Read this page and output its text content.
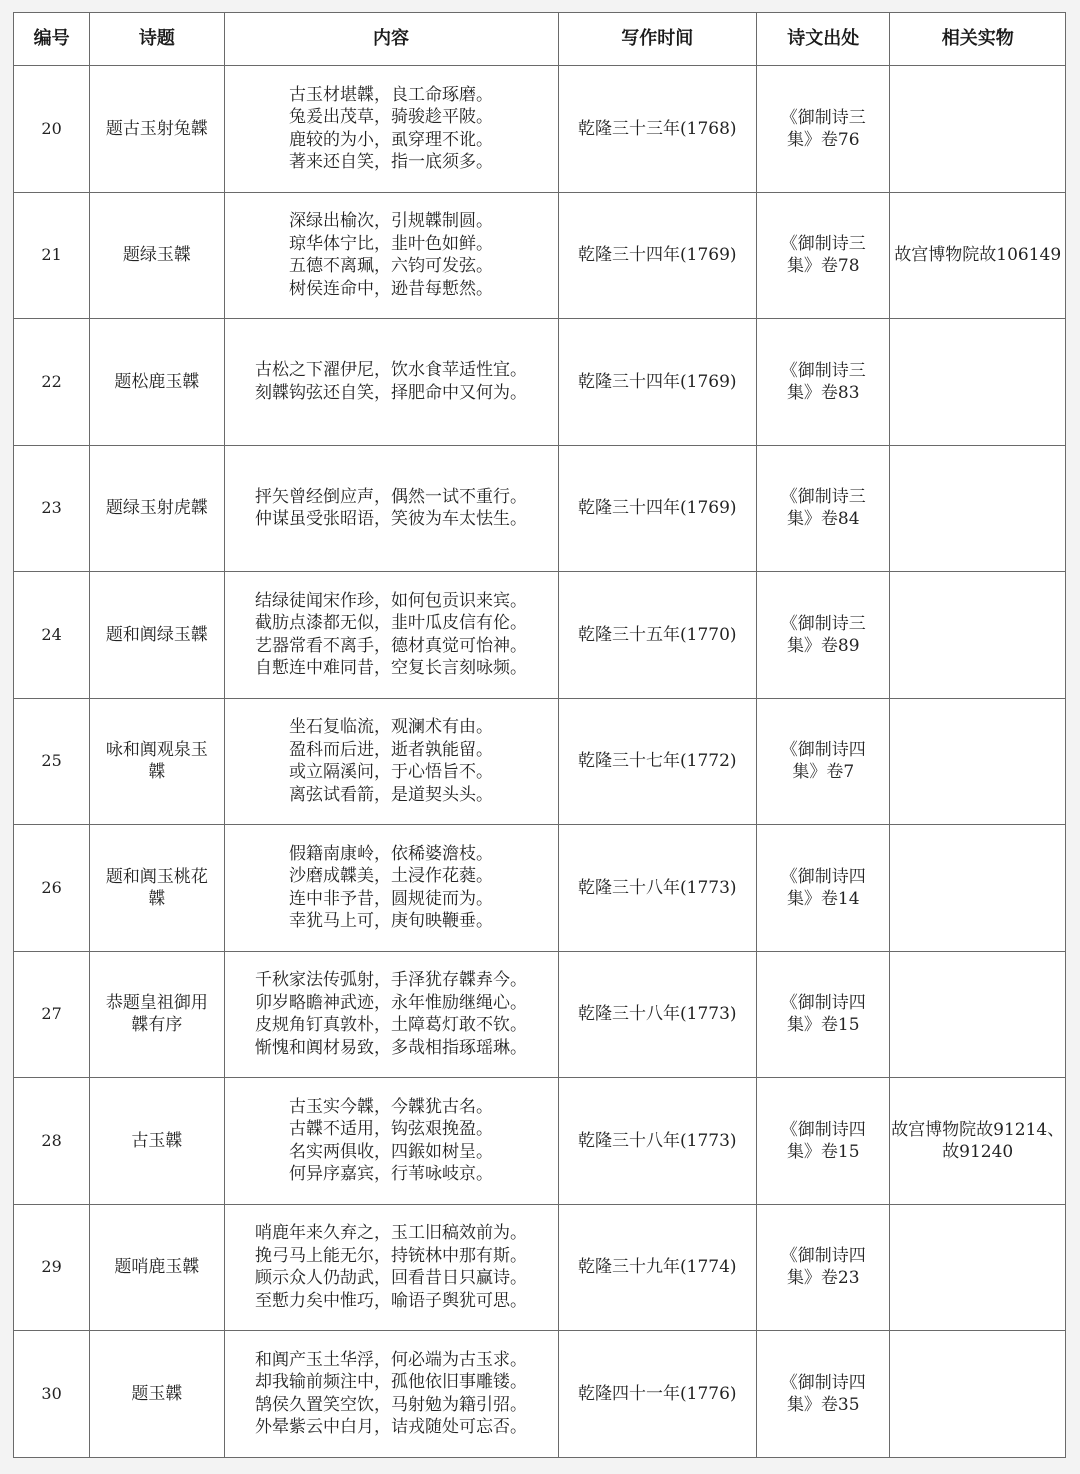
编号	诗题	内容	写作时间	诗文出处	相关实物
20	题古玉射兔韘	古玉材堪韘，良工命琢磨。
兔爰出茂草，骑骏趁平陂。
鹿较的为小，虱穿理不讹。
著来还自笑，指一底须多。	乾隆三十三年(1768)	《御制诗三集》卷76	
21	题绿玉韘	深绿出榆次，引规韘制圆。
琼华体宁比，韭叶色如鲜。
五德不离珮，六钧可发弦。
树侯连命中，逊昔每慙然。	乾隆三十四年(1769)	《御制诗三集》卷78	故宫博物院故106149
22	题松鹿玉韘	古松之下濯伊尼，饮水食苹适性宜。
刻韘钩弦还自笑，择肥命中又何为。	乾隆三十四年(1769)	《御制诗三集》卷83	
23	题绿玉射虎韘	抨矢曾经倒应声，偶然一试不重行。
仲谋虽受张昭语，笑彼为车太怯生。	乾隆三十四年(1769)	《御制诗三集》卷84	
24	题和阗绿玉韘	结绿徒闻宋作珍，如何包贡识来宾。
截肪点漆都无似，韭叶瓜皮信有伦。
艺器常看不离手，德材真觉可怡神。
自慙连中难同昔，空复长言刻咏频。	乾隆三十五年(1770)	《御制诗三集》卷89	
25	咏和阗观泉玉韘	坐石复临流，观澜术有由。
盈科而后进，逝者孰能留。
或立隔溪问，于心悟旨不。
离弦试看箭，是道契头头。	乾隆三十七年(1772)	《御制诗四集》卷7	
26	题和阗玉桃花韘	假籍南康岭，依稀婆澹枝。
沙磨成韘美，土浸作花蕤。
连中非予昔，圆规徒而为。
幸犹马上可，庚旬映鞭垂。	乾隆三十八年(1773)	《御制诗四集》卷14	
27	恭题皇祖御用韘有序	千秋家法传弧射，手泽犹存韘弆今。
卯岁略瞻神武迹，永年惟励继绳心。
皮规角钉真敦朴，土障葛灯敢不钦。
惭愧和阗材易致，多哉相指琢瑶琳。	乾隆三十八年(1773)	《御制诗四集》卷15	
28	古玉韘	古玉实今韘，今韘犹古名。
古韘不适用，钩弦艰挽盈。
名实两俱收，四鍭如树呈。
何异序嘉宾，行苇咏岐京。	乾隆三十八年(1773)	《御制诗四集》卷15	故宫博物院故91214、故91240
29	题哨鹿玉韘	哨鹿年来久弃之，玉工旧稿效前为。
挽弓马上能无尔，持铳林中那有斯。
顾示众人仍劼武，回看昔日只赢诗。
至慙力矣中惟巧，喻语子舆犹可思。	乾隆三十九年(1774)	《御制诗四集》卷23	
30	题玉韘	和阗产玉土华浮，何必端为古玉求。
却我输前频注中，孤他依旧事雕镂。
鹄侯久置笑空饮，马射勉为籍引弨。
外晕紫云中白月，诘戎随处可忘否。	乾隆四十一年(1776)	《御制诗四集》卷35	
